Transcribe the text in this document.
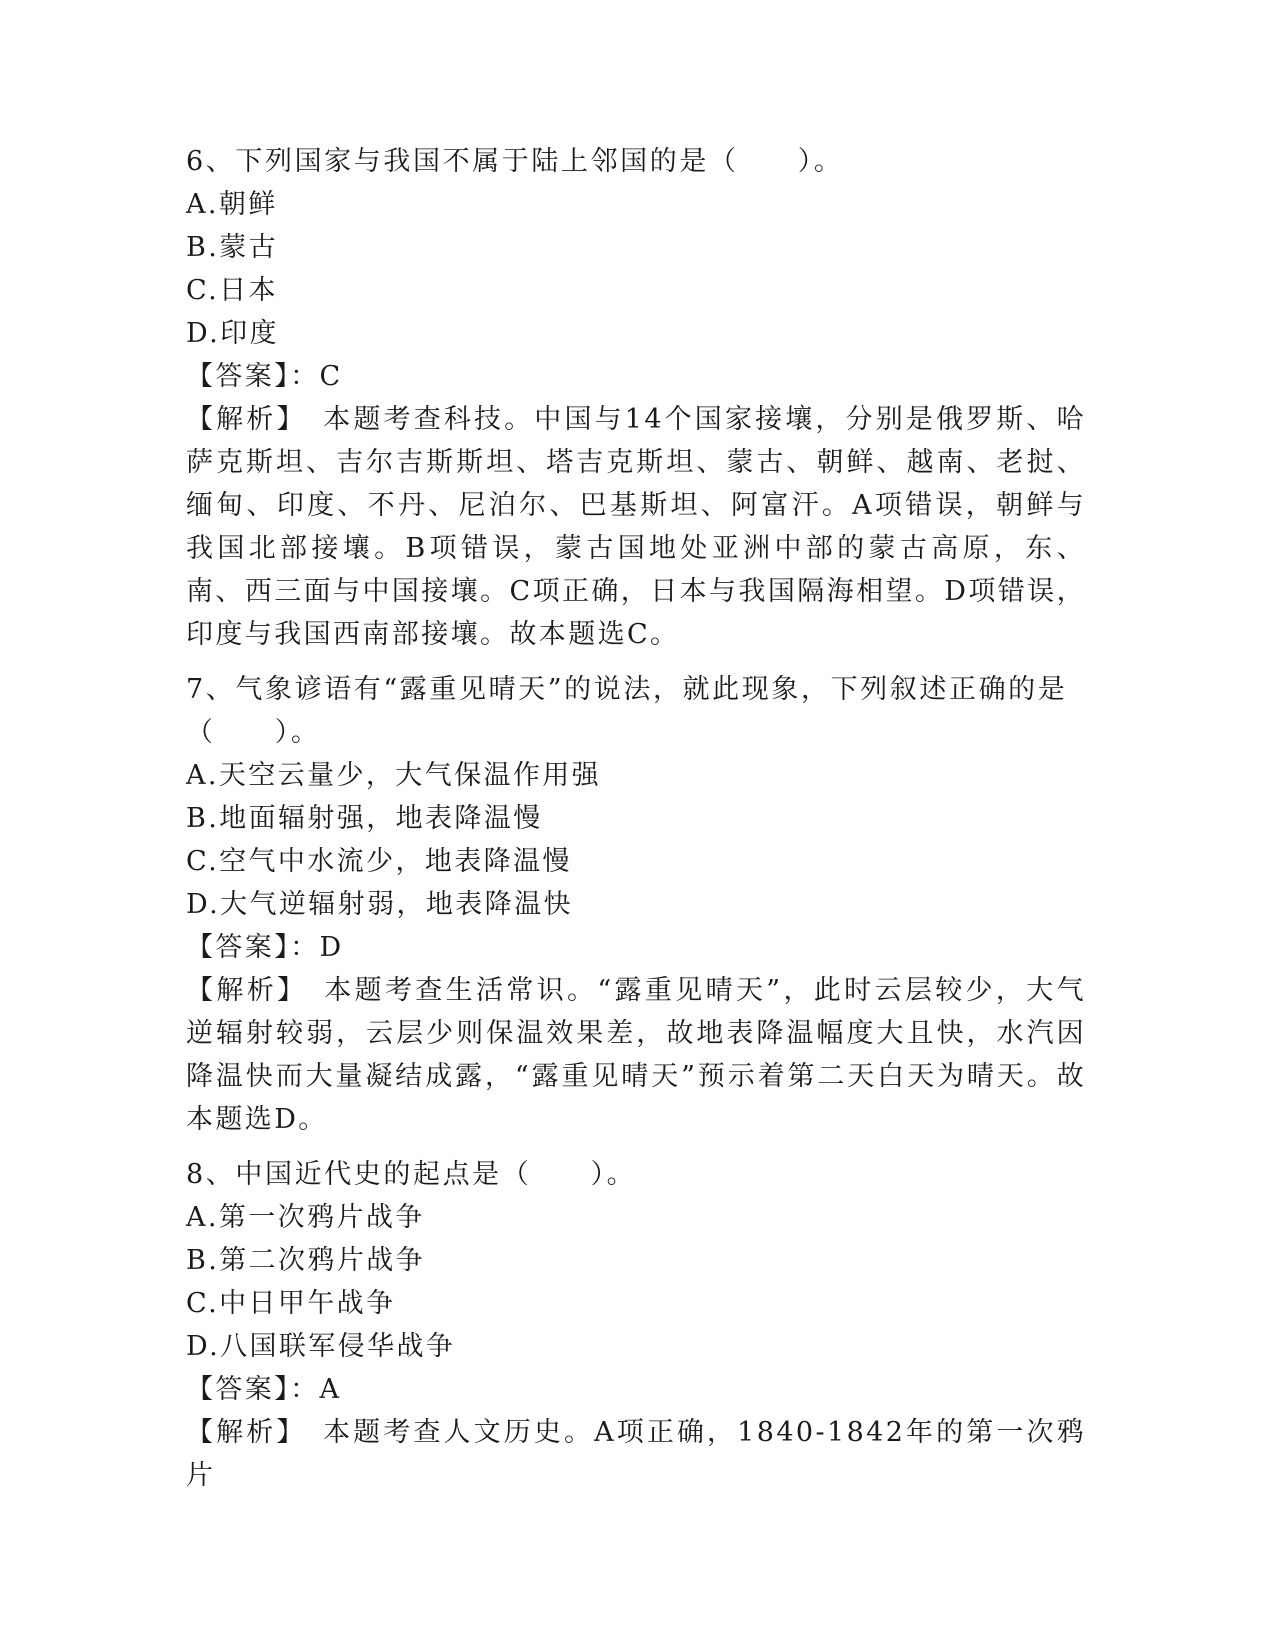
6、下列国家与我国不属于陆上邻国的是（　　）。
A.朝鲜
B.蒙古
C.日本
D.印度
【答案】：C
【解析】　本题考查科技。中国与14个国家接壤，分别是俄罗斯、哈萨克斯坦、吉尔吉斯斯坦、塔吉克斯坦、蒙古、朝鲜、越南、老挝、缅甸、印度、不丹、尼泊尔、巴基斯坦、阿富汗。A项错误，朝鲜与我国北部接壤。B项错误，蒙古国地处亚洲中部的蒙古高原，东、南、西三面与中国接壤。C项正确，日本与我国隔海相望。D项错误，印度与我国西南部接壤。故本题选C。
7、气象谚语有“露重见晴天”的说法，就此现象，下列叙述正确的是（　　）。
A.天空云量少，大气保温作用强
B.地面辐射强，地表降温慢
C.空气中水流少，地表降温慢
D.大气逆辐射弱，地表降温快
【答案】：D
【解析】　本题考查生活常识。“露重见晴天”，此时云层较少，大气逆辐射较弱，云层少则保温效果差，故地表降温幅度大且快，水汽因降温快而大量凝结成露，“露重见晴天”预示着第二天白天为晴天。故本题选D。
8、中国近代史的起点是（　　）。
A.第一次鸦片战争
B.第二次鸦片战争
C.中日甲午战争
D.八国联军侵华战争
【答案】：A
【解析】　本题考查人文历史。A项正确，1840-1842年的第一次鸦片
